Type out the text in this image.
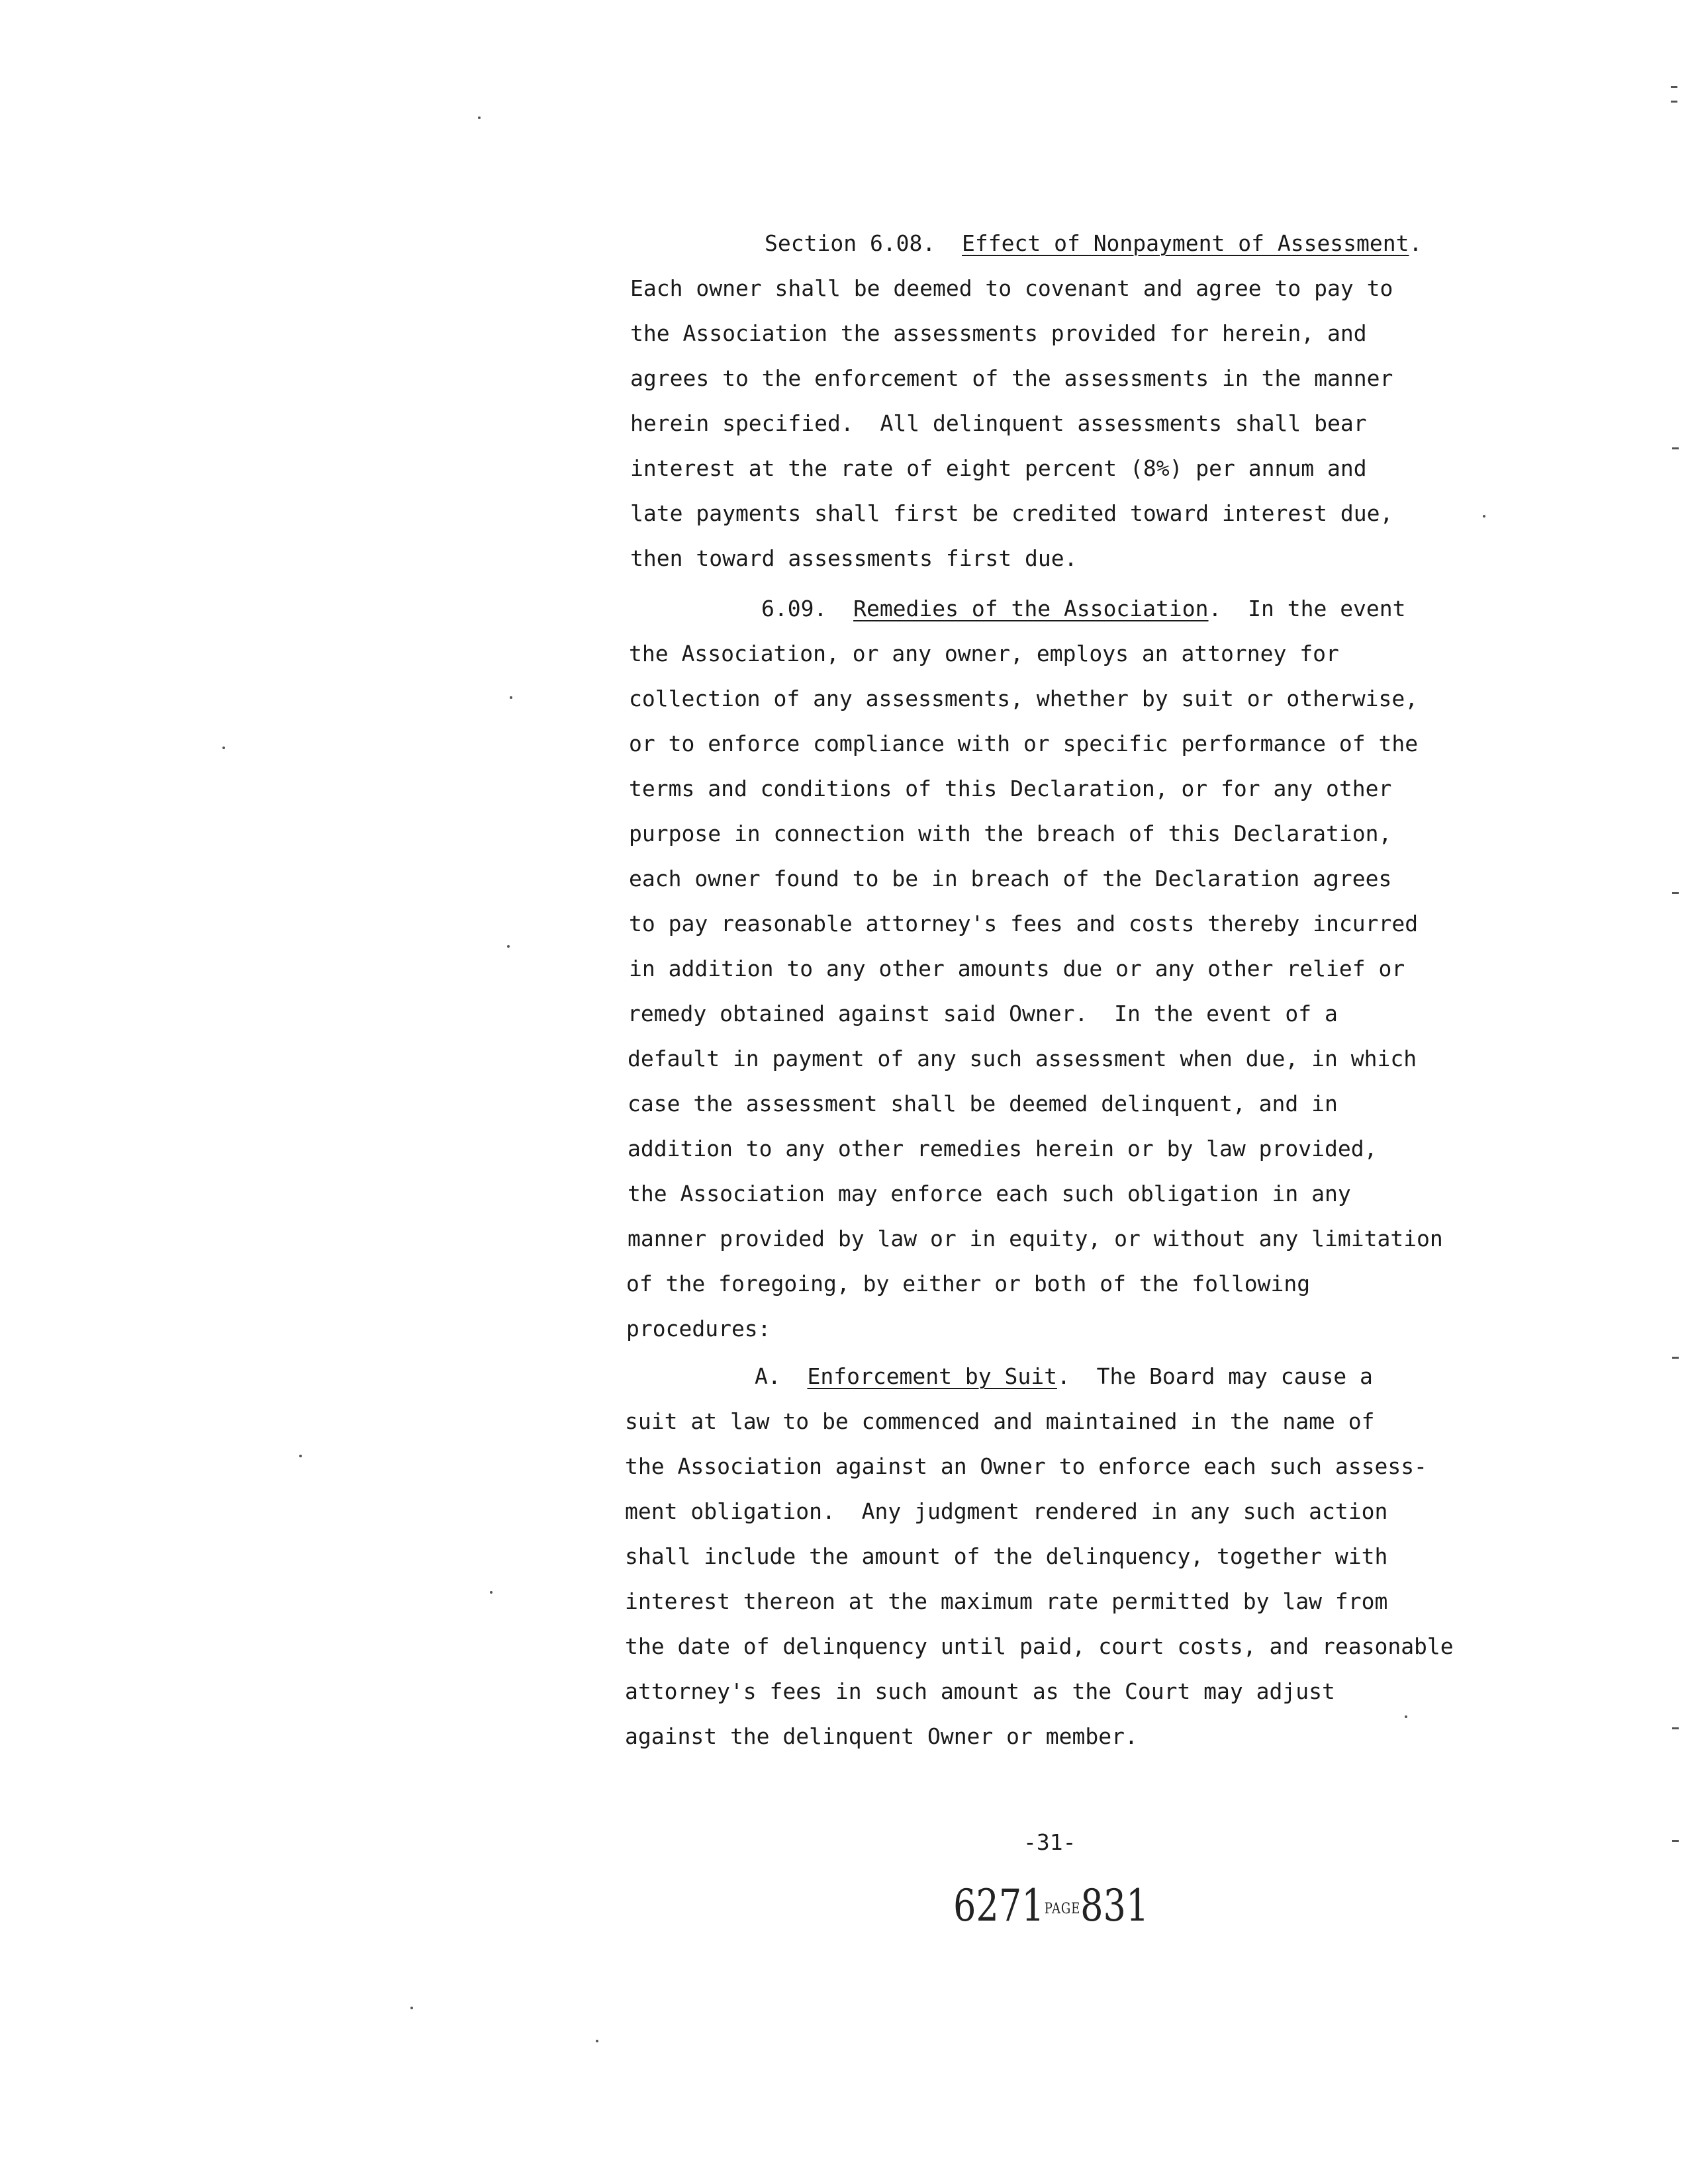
Section 6.08.  Effect of Nonpayment of Assessment.
Each owner shall be deemed to covenant and agree to pay to
the Association the assessments provided for herein, and
agrees to the enforcement of the assessments in the manner
herein specified.  All delinquent assessments shall bear
interest at the rate of eight percent (8%) per annum and
late payments shall first be credited toward interest due,
then toward assessments first due.
6.09.  Remedies of the Association.  In the event
the Association, or any owner, employs an attorney for
collection of any assessments, whether by suit or otherwise,
or to enforce compliance with or specific performance of the
terms and conditions of this Declaration, or for any other
purpose in connection with the breach of this Declaration,
each owner found to be in breach of the Declaration agrees
to pay reasonable attorney's fees and costs thereby incurred
in addition to any other amounts due or any other relief or
remedy obtained against said Owner.  In the event of a
default in payment of any such assessment when due, in which
case the assessment shall be deemed delinquent, and in
addition to any other remedies herein or by law provided,
the Association may enforce each such obligation in any
manner provided by law or in equity, or without any limitation
of the foregoing, by either or both of the following
procedures:
A.  Enforcement by Suit.  The Board may cause a
suit at law to be commenced and maintained in the name of
the Association against an Owner to enforce each such assess-
ment obligation.  Any judgment rendered in any such action
shall include the amount of the delinquency, together with
interest thereon at the maximum rate permitted by law from
the date of delinquency until paid, court costs, and reasonable
attorney's fees in such amount as the Court may adjust
against the delinquent Owner or member.
-31-
6271PAGE831
